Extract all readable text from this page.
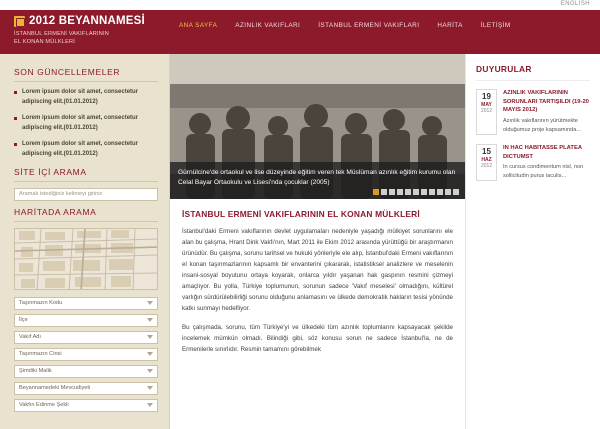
ENGLISH
2012 BEYANNAMESİ
İSTANBUL ERMENİ VAKIFLARININ
EL KONAN MÜLKLERİ
ANA SAYFA	AZINLIK VAKIFLARI	İSTANBUL ERMENİ VAKIFLARI	HARİTA	İLETİŞİM
SON GÜNCELLEMELER
Lorem ipsum dolor sit amet, consectetur adipiscing elit.(01.01.2012)
Lorem ipsum dolor sit amet, consectetur adipiscing elit.(01.01.2012)
Lorem ipsum dolor sit amet, consectetur adipiscing elit.(01.01.2012)
SİTE İÇİ ARAMA
Aramak istediğiniz kelimeyi giriniz
HARİTADA ARAMA
Taşınmazın Kodu
İlçe
Vakıf Adı
Taşınmazın Cinsi
Şimdiki Malik
Beyannamedeki Mevcudiyeti
Vakfın Edinme Şekli
Gürnülcine'de ortaokul ve lise düzeyinde eğitim veren tek Müslüman azınlık eğitim kurumu olan Celal Bayar Ortaokulu ve Lisesi'nda çocuklar (2005)
İSTANBUL ERMENİ VAKIFLARININ EL KONAN MÜLKLERİ

İstanbul'daki Ermeni vakıflarının devlet uygulamaları nedeniyle yaşadığı mülkiyet sorunlarını ele alan bu çalışma, Hrant Dink Vakfı'nın, Mart 2011 ile Ekim 2012 arasında yürüttüğü bir araştırmanın ürünüdür. Bu çalışma, sorunu tarihsel ve hukuki yönleriyle ele alıp, İstanbul'daki Ermeni vakıflarının el konan taşınmazlarının kapsamlı bir envanterini çıkararak, istatistiksel analizlere ve meselenin insani-sosyal boyutunu ortaya koyarak, onlarca yıldır yaşanan hak gaspının resmini çizmeyi amaçlıyor. Bu yolla, Türkiye toplumunun, sorunun sadece 'Vakıf meselesi' olmadığını, kültürel varlığın sürdürülebilirliği sorunu olduğunu anlamasını ve ülkede demokratik hakların tesisi yönünde katkı sunmayı hedefliyor.

Bu çalışmada, sorunu, tüm Türkiye'yi ve ülkedeki tüm azınlık toplumlarını kapsayacak şekilde incelemek mümkün olmadı. Bilindiği gibi, söz konusu sorun ne sadece İstanbul'la, ne de Ermenilerle sınırlıdır. Resmin tamamını görebilmek

DUYURULAR
19
MAY
2012
AZINLIK VAKIFLARININ SORUNLARI TARTIŞILDI (19-20 MAYIS 2012)
Azınlık vakıflarının yürütmekte olduğumuz proje kapsamında...
15
HAZ
2012
IN HAC HABITASSE PLATEA DICTUMST
In cursus condimentum nisl, non sollicitudin purus iaculis...
